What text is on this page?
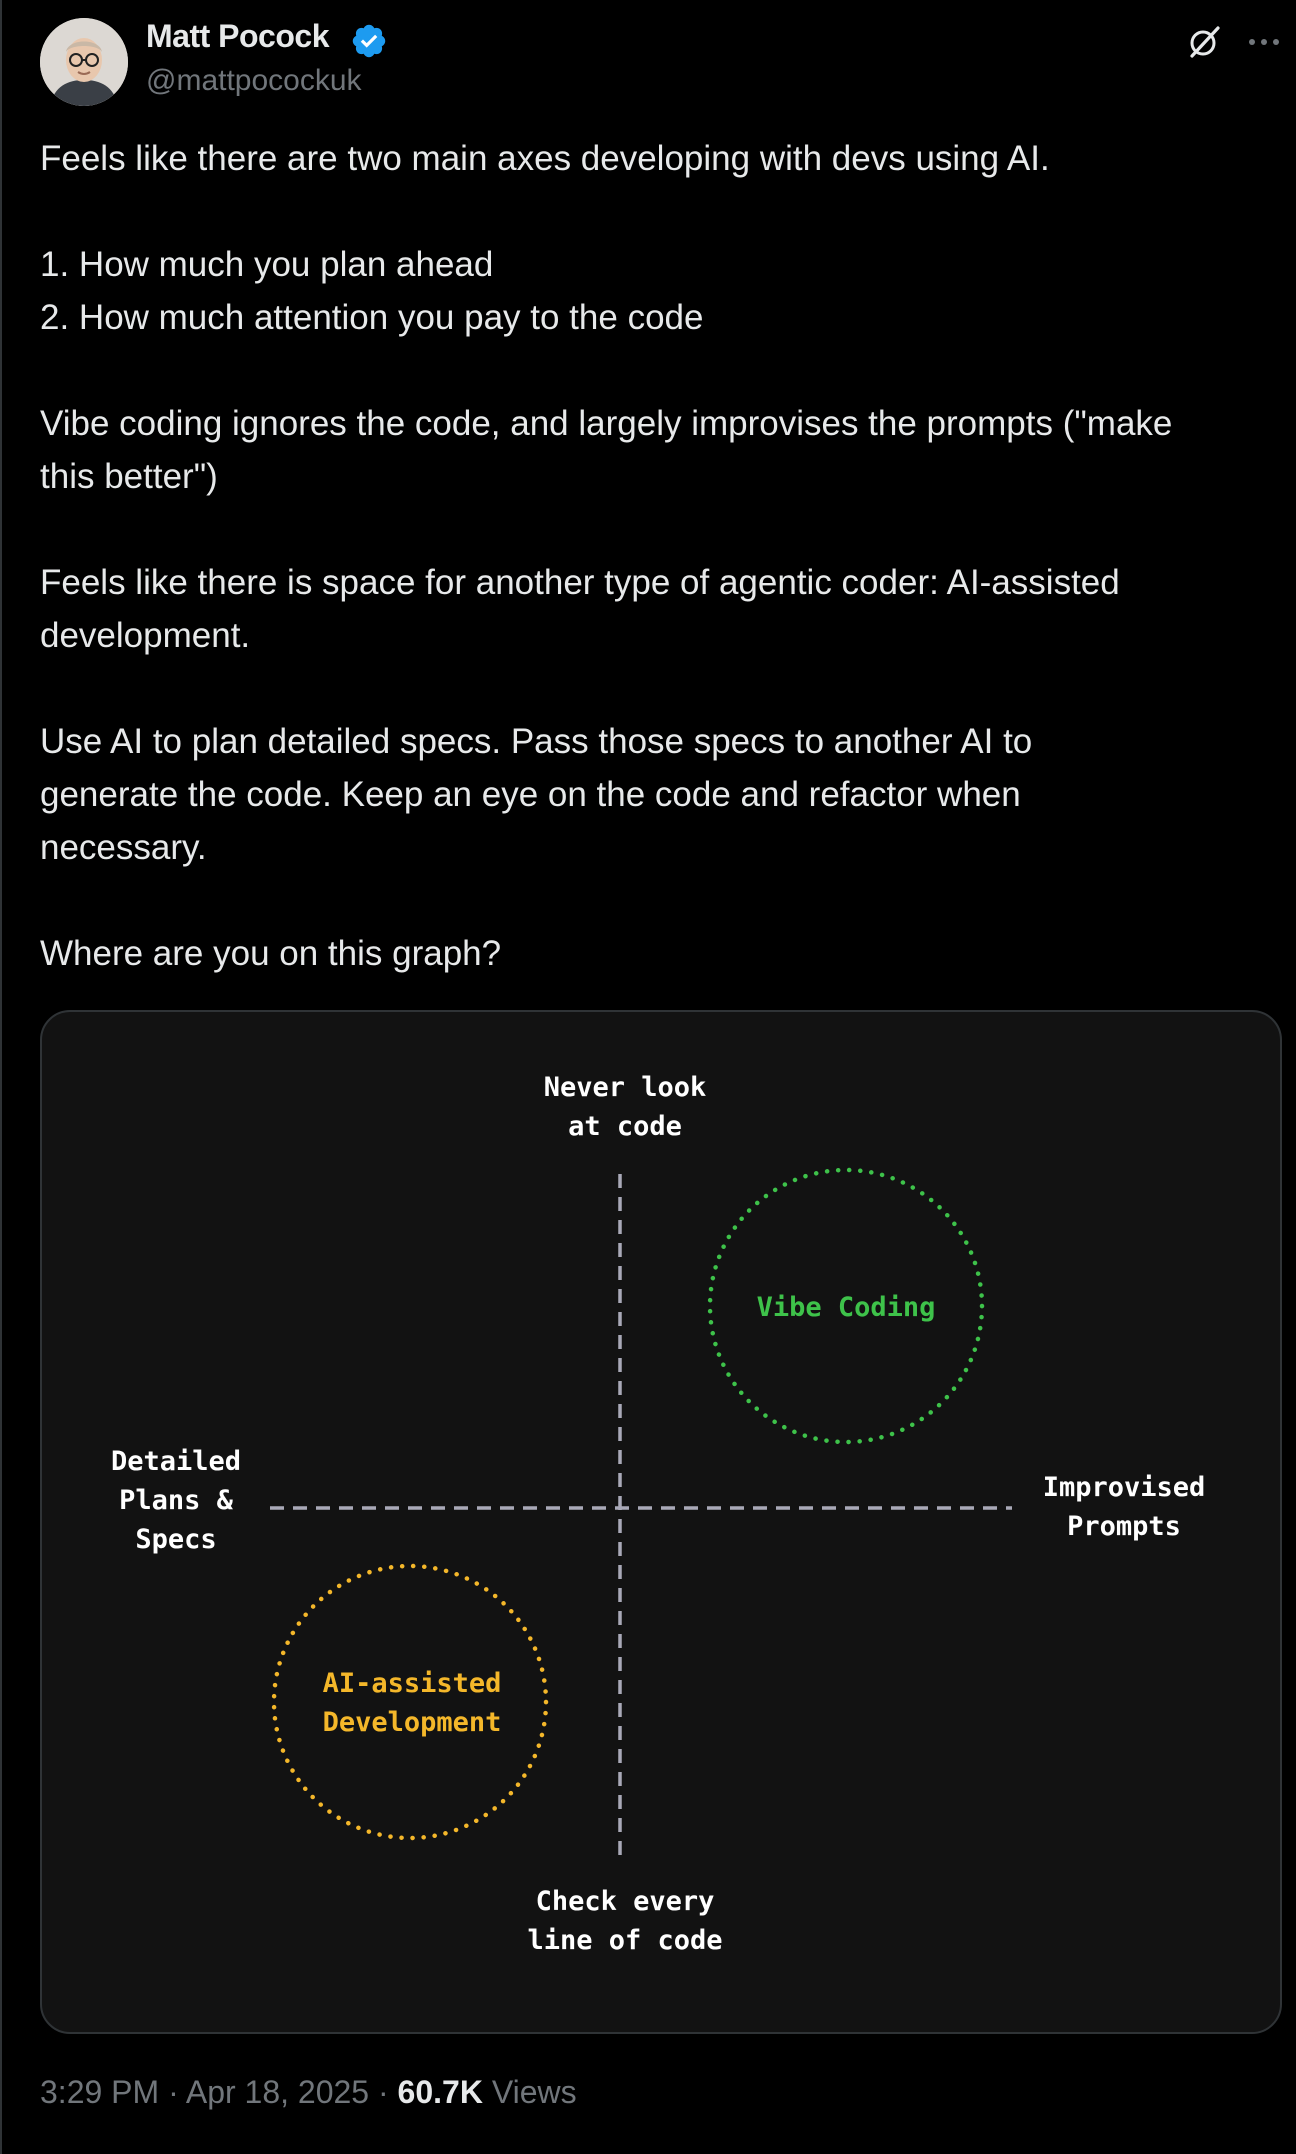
Matt Pocock
@mattpocockuk

Feels like there are two main axes developing with devs using AI.

1. How much you plan ahead

2. How much attention you pay to the code

Vibe coding ignores the code, and largely improvises the prompts ("make

this better")

Feels like there is space for another type of agentic coder: AI-assisted

development.

Use AI to plan detailed specs. Pass those specs to another AI to

generate the code. Keep an eye on the code and refactor when

necessary.

Where are you on this graph?

Never look
at code
Check every
line of code
Detailed
Plans &
Specs
Improvised
Prompts
Vibe Coding
AI-assisted
Development
3:29 PM · Apr 18, 2025 · 60.7K Views
